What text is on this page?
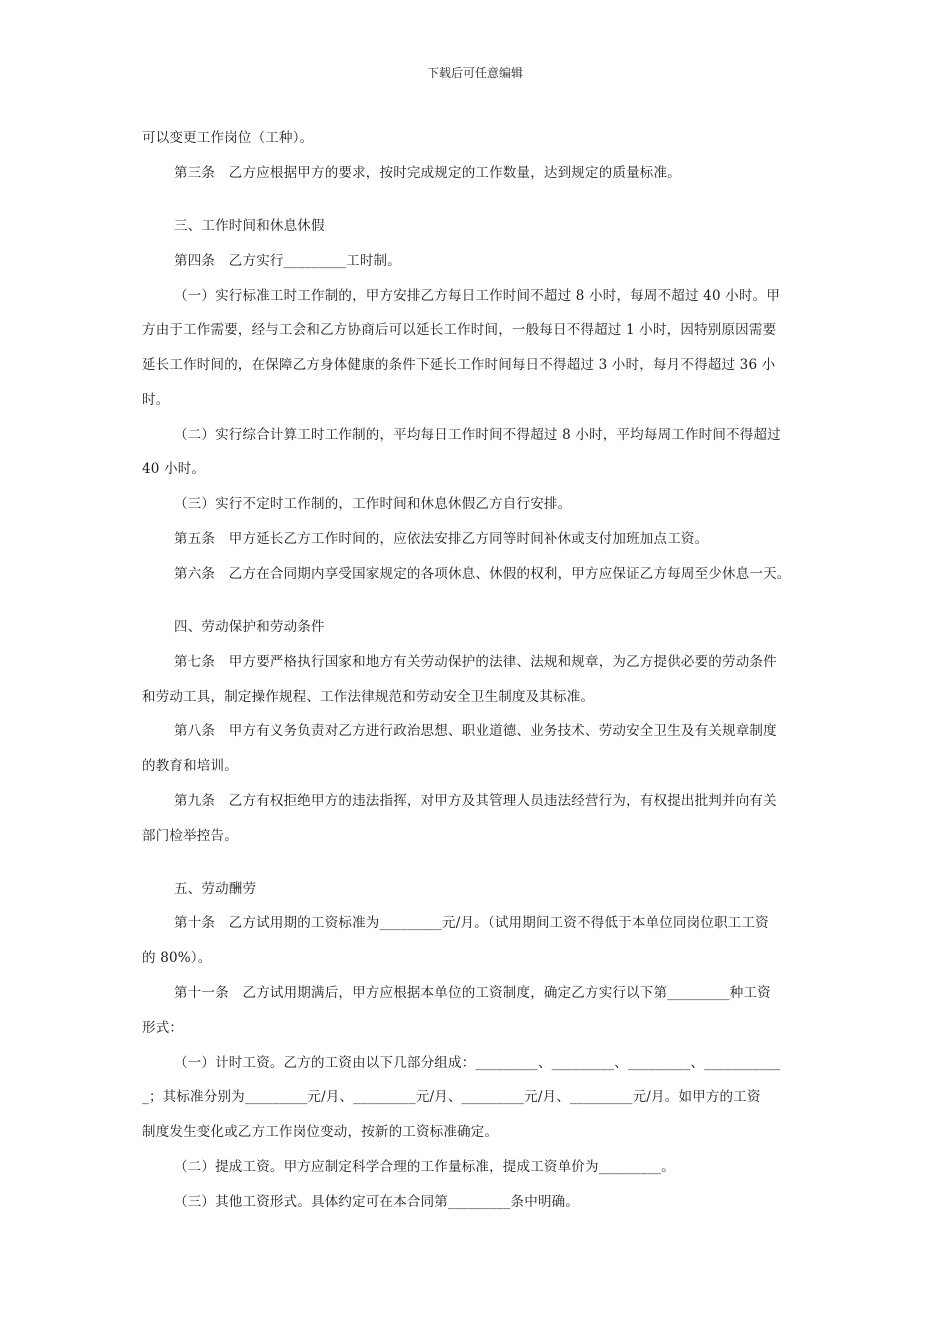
下载后可任意编辑
可以变更工作岗位（工种）。
第三条　乙方应根据甲方的要求，按时完成规定的工作数量，达到规定的质量标准。
三、工作时间和休息休假
第四条　乙方实行_________工时制。
（一）实行标准工时工作制的，甲方安排乙方每日工作时间不超过 8 小时，每周不超过 40 小时。甲
方由于工作需要，经与工会和乙方协商后可以延长工作时间，一般每日不得超过 1 小时，因特别原因需要
延长工作时间的，在保障乙方身体健康的条件下延长工作时间每日不得超过 3 小时，每月不得超过 36 小
时。
（二）实行综合计算工时工作制的，平均每日工作时间不得超过 8 小时，平均每周工作时间不得超过
40 小时。
（三）实行不定时工作制的，工作时间和休息休假乙方自行安排。
第五条　甲方延长乙方工作时间的，应依法安排乙方同等时间补休或支付加班加点工资。
第六条　乙方在合同期内享受国家规定的各项休息、休假的权利，甲方应保证乙方每周至少休息一天。
四、劳动保护和劳动条件
第七条　甲方要严格执行国家和地方有关劳动保护的法律、法规和规章，为乙方提供必要的劳动条件
和劳动工具，制定操作规程、工作法律规范和劳动安全卫生制度及其标准。
第八条　甲方有义务负责对乙方进行政治思想、职业道德、业务技术、劳动安全卫生及有关规章制度
的教育和培训。
第九条　乙方有权拒绝甲方的违法指挥，对甲方及其管理人员违法经营行为，有权提出批判并向有关
部门检举控告。
五、劳动酬劳
第十条　乙方试用期的工资标准为_________元/月。（试用期间工资不得低于本单位同岗位职工工资
的 80%）。
第十一条　乙方试用期满后，甲方应根据本单位的工资制度，确定乙方实行以下第_________种工资
形式：
（一）计时工资。乙方的工资由以下几部分组成：_________、_________、_________、___________
_；其标准分别为_________元/月、_________元/月、_________元/月、_________元/月。如甲方的工资
制度发生变化或乙方工作岗位变动，按新的工资标准确定。
（二）提成工资。甲方应制定科学合理的工作量标准，提成工资单价为_________。
（三）其他工资形式。具体约定可在本合同第_________条中明确。
